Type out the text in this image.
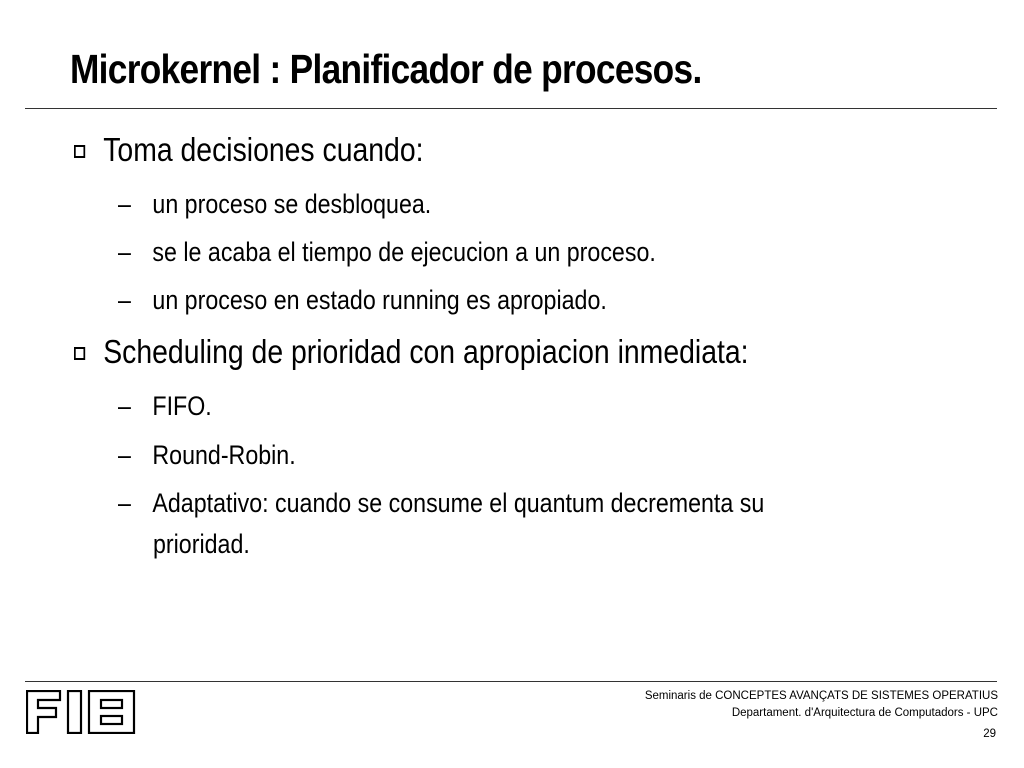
Microkernel : Planificador de procesos.
Toma decisiones cuando:
– un proceso se desbloquea.
– se le acaba el tiempo de ejecucion a un proceso.
– un proceso en estado running es apropiado.
Scheduling de prioridad con apropiacion inmediata:
– FIFO.
– Round-Robin.
– Adaptativo: cuando se consume el quantum decrementa su
prioridad.
Seminaris de CONCEPTES AVANÇATS DE SISTEMES OPERATIUS
Departament. d'Arquitectura de Computadors - UPC
29
